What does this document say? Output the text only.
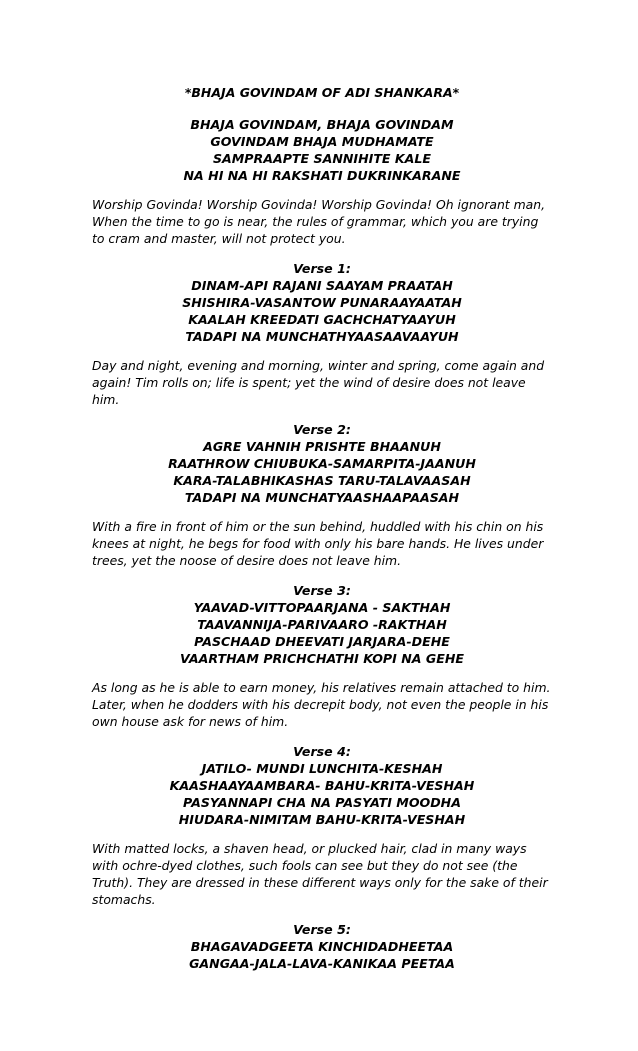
*BHAJA GOVINDAM OF ADI SHANKARA*
BHAJA GOVINDAM, BHAJA GOVINDAM
GOVINDAM BHAJA MUDHAMATE
SAMPRAAPTE SANNIHITE KALE
NA HI NA HI RAKSHATI DUKRINKARANE

Worship Govinda! Worship Govinda! Worship Govinda! Oh ignorant man, When the time to go is near, the rules of grammar, which you are trying to cram and master, will not protect you.

Verse 1:
DINAM-API RAJANI SAAYAM PRAATAH
SHISHIRA-VASANTOW PUNARAAYAATAH
KAALAH KREEDATI GACHCHATYAAYUH
TADAPI NA MUNCHATHYAASAAVAAYUH

Day and night, evening and morning, winter and spring, come again and again! Tim rolls on; life is spent; yet the wind of desire does not leave him.

Verse 2:
AGRE VAHNIH PRISHTE BHAANUH
RAATHROW CHIUBUKA-SAMARPITA-JAANUH
KARA-TALABHIKASHAS TARU-TALAVAASAH
TADAPI NA MUNCHATYAASHAAPAASAH

With a fire in front of him or the sun behind, huddled with his chin on his knees at night, he begs for food with only his bare hands. He lives under trees, yet the noose of desire does not leave him.

Verse 3:
YAAVAD-VITTOPAARJANA - SAKTHAH
TAAVANNIJA-PARIVAARO -RAKTHAH
PASCHAAD DHEEVATI JARJARA-DEHE
VAARTHAM PRICHCHATHI KOPI NA GEHE

As long as he is able to earn money, his relatives remain attached to him. Later, when he dodders with his decrepit body, not even the people in his own house ask for news of him.

Verse 4:
JATILO- MUNDI LUNCHITA-KESHAH
KAASHAAYAAMBARA- BAHU-KRITA-VESHAH
PASYANNAPI CHA NA PASYATI MOODHA
HIUDARA-NIMITAM BAHU-KRITA-VESHAH

With matted locks, a shaven head, or plucked hair, clad in many ways with ochre-dyed clothes, such fools can see but they do not see (the Truth). They are dressed in these different ways only for the sake of their stomachs.

Verse 5:
BHAGAVADGEETA KINCHIDADHEETAA
GANGAA-JALA-LAVA-KANIKAA PEETAA
